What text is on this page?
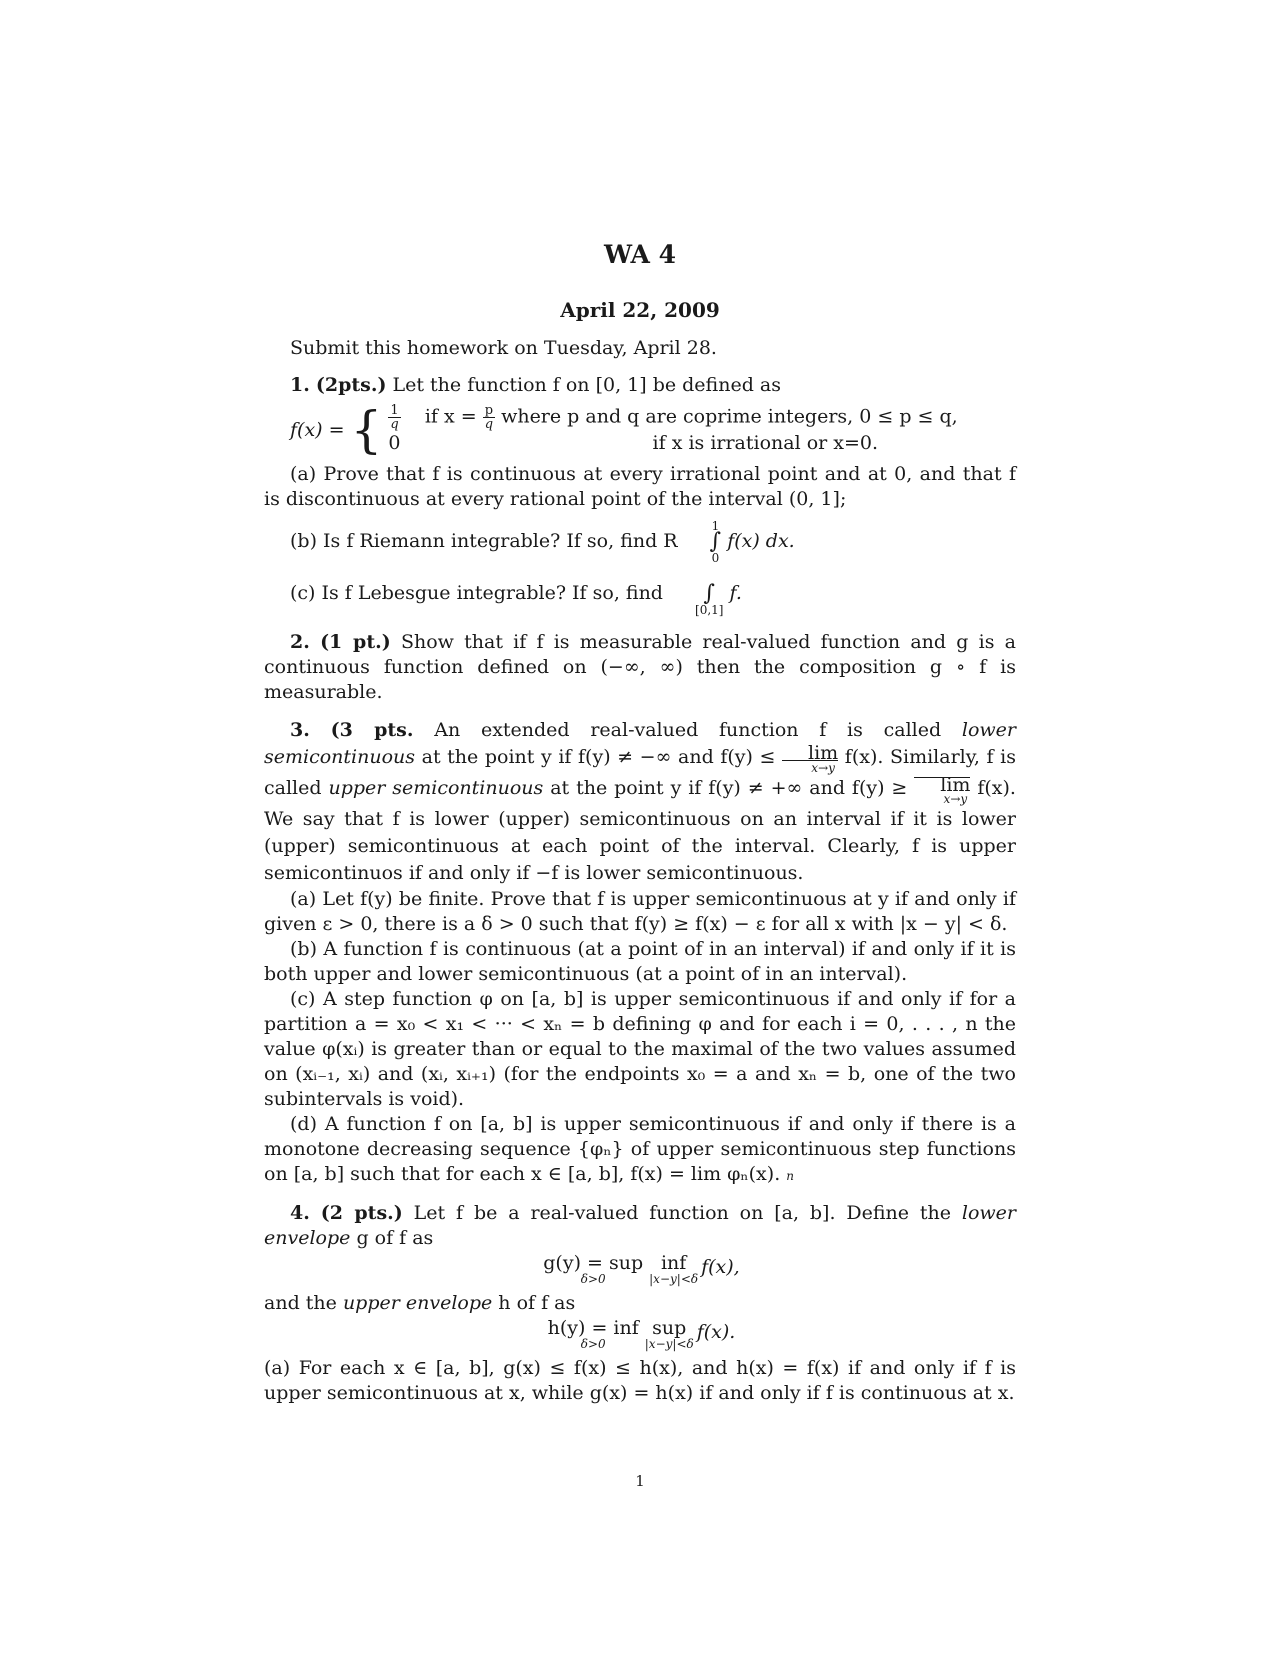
WA 4
April 22, 2009

Submit this homework on Tuesday, April 28.

1. (2pts.) Let the function f on [0, 1] be defined as

f(x) = { $\frac{1}{q}$ if $x = \frac{p}{q}$ where p and q are coprime integers, 0 ≤ p ≤ q,
0	if x is irrational or x=0.

(a) Prove that f is continuous at every irrational point and at 0, and that f is discontinuous at every rational point of the interval (0, 1];

(b) Is f Riemann integrable? If so, find R
1
∫
0
f(x) dx.

(c) Is f Lebesgue integrable? If so, find
	∫
[0,1]
f.

2. (1 pt.) Show that if f is measurable real-valued function and g is a continuous function defined on (−∞, ∞) then the composition g ∘ f is measurable.

3. (3 pts. An extended real-valued function f is called lower semicontinuous at the point y if f(y) ≠ −∞ and f(y) ≤	lim
x→y f(x). Similarly, f is called upper semicontinuous at the point y if f(y) ≠ +∞ and f(y) ≥	lim
x→y f(x). We say that f is lower (upper) semicontinuous on an interval if it is lower (upper) semicontinuous at each point of the interval. Clearly, f is upper semicontinuos if and only if −f is lower semicontinuous.

(a) Let f(y) be finite. Prove that f is upper semicontinuous at y if and only if given ε > 0, there is a δ > 0 such that f(y) ≥ f(x) − ε for all x with |x − y| < δ.

(b) A function f is continuous (at a point of in an interval) if and only if it is both upper and lower semicontinuous (at a point of in an interval).

(c) A step function φ on [a, b] is upper semicontinuous if and only if for a partition a = x₀ < x₁ < ··· < xₙ = b defining φ and for each i = 0, . . . , n the value φ(xᵢ) is greater than or equal to the maximal of the two values assumed on (xᵢ₋₁, xᵢ) and (xᵢ, xᵢ₊₁) (for the endpoints x₀ = a and xₙ = b, one of the two subintervals is void).

(d) A function f on [a, b] is upper semicontinuous if and only if there is a monotone decreasing sequence {φₙ} of upper semicontinuous step functions on [a, b] such that for each x ∈ [a, b], f(x) = lim φₙ(x). n

4. (2 pts.) Let f be a real-valued function on [a, b]. Define the lower envelope g of f as

g(y) = sup
δ>0
inf
|x−y|<δ
f(x),

and the upper envelope h of f as

h(y) = inf
δ>0
sup
|x−y|<δ
f(x).

(a) For each x ∈ [a, b], g(x) ≤ f(x) ≤ h(x), and h(x) = f(x) if and only if f is upper semicontinuous at x, while g(x) = h(x) if and only if f is continuous at x.

1
